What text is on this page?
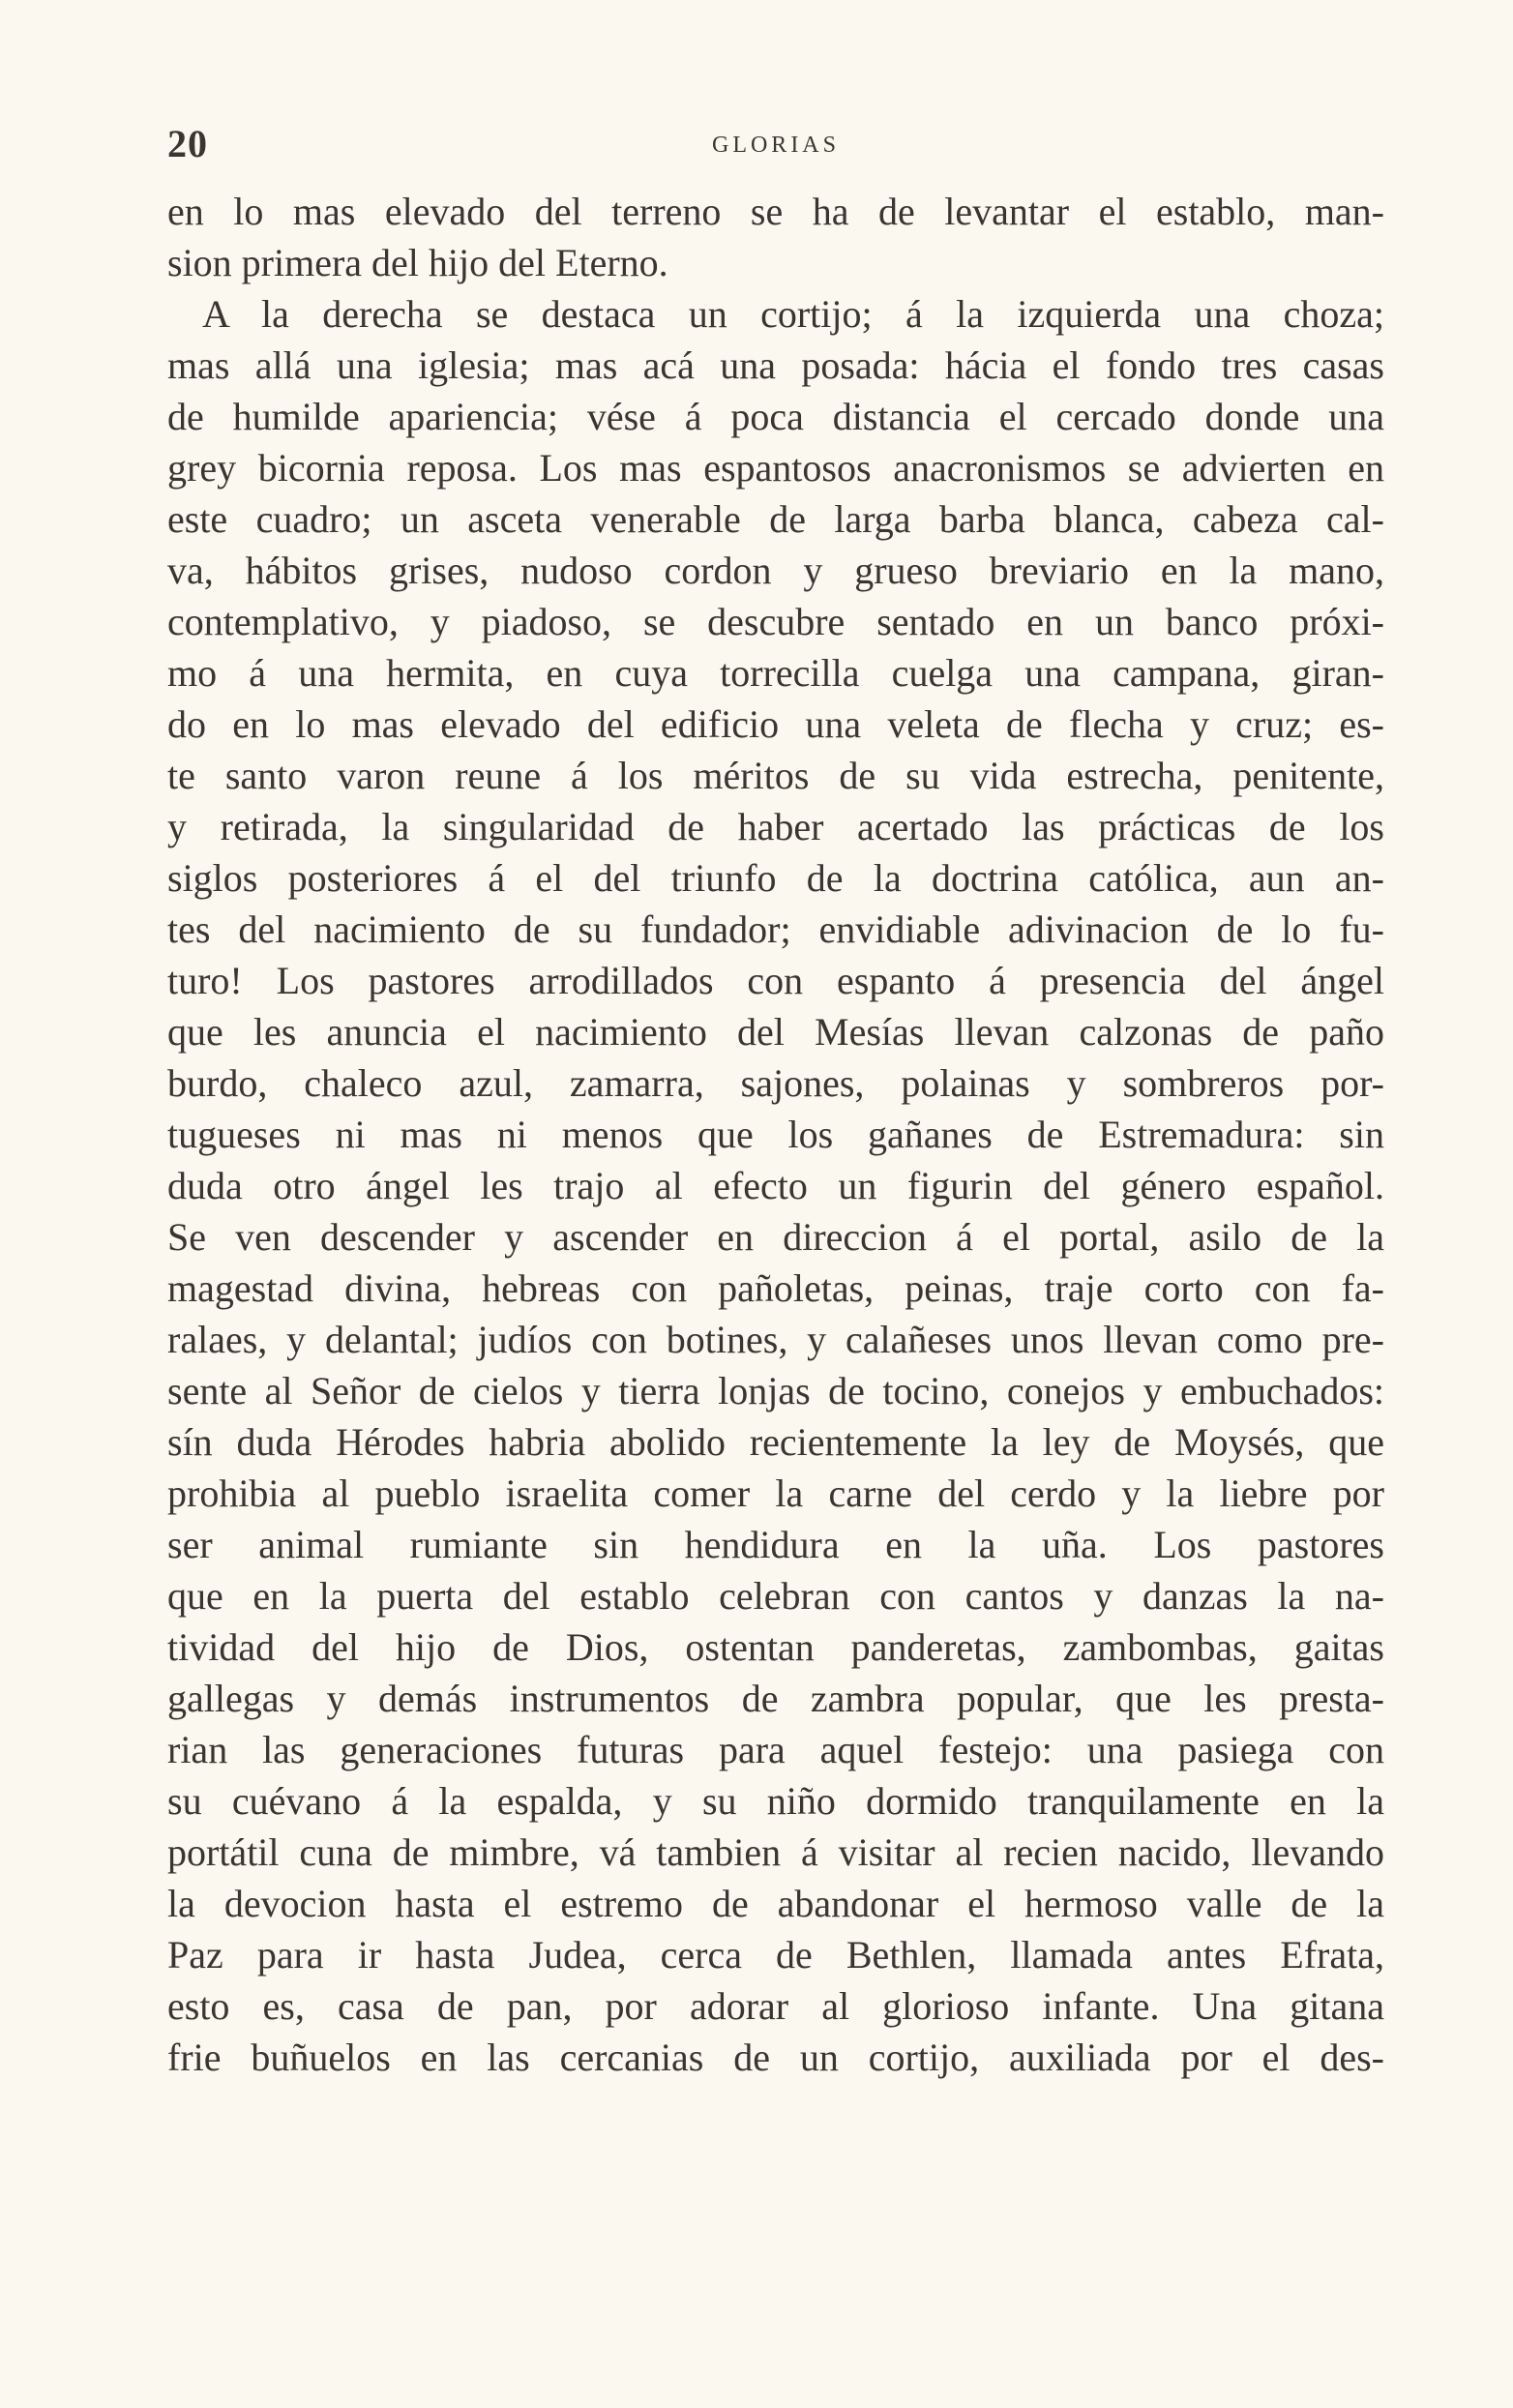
20	GLORIAS
en lo mas elevado del terreno se ha de levantar el establo, man-
sion primera del hijo del Eterno.
A la derecha se destaca un cortijo; á la izquierda una choza;
mas allá una iglesia; mas acá una posada: hácia el fondo tres casas
de humilde apariencia; vése á poca distancia el cercado donde una
grey bicornia reposa. Los mas espantosos anacronismos se advierten en
este cuadro; un asceta venerable de larga barba blanca, cabeza cal-
va, hábitos grises, nudoso cordon y grueso breviario en la mano,
contemplativo, y piadoso, se descubre sentado en un banco próxi-
mo á una hermita, en cuya torrecilla cuelga una campana, giran-
do en lo mas elevado del edificio una veleta de flecha y cruz; es-
te santo varon reune á los méritos de su vida estrecha, penitente,
y retirada, la singularidad de haber acertado las prácticas de los
siglos posteriores á el del triunfo de la doctrina católica, aun an-
tes del nacimiento de su fundador; envidiable adivinacion de lo fu-
turo! Los pastores arrodillados con espanto á presencia del ángel
que les anuncia el nacimiento del Mesías llevan calzonas de paño
burdo, chaleco azul, zamarra, sajones, polainas y sombreros por-
tugueses ni mas ni menos que los gañanes de Estremadura: sin
duda otro ángel les trajo al efecto un figurin del género español.
Se ven descender y ascender en direccion á el portal, asilo de la
magestad divina, hebreas con pañoletas, peinas, traje corto con fa-
ralaes, y delantal; judíos con botines, y calañeses unos llevan como pre-
sente al Señor de cielos y tierra lonjas de tocino, conejos y embuchados:
sín duda Hérodes habria abolido recientemente la ley de Moysés, que
prohibia al pueblo israelita comer la carne del cerdo y la liebre por
ser animal rumiante sin hendidura en la uña. Los pastores
que en la puerta del establo celebran con cantos y danzas la na-
tividad del hijo de Dios, ostentan panderetas, zambombas, gaitas
gallegas y demás instrumentos de zambra popular, que les presta-
rian las generaciones futuras para aquel festejo: una pasiega con
su cuévano á la espalda, y su niño dormido tranquilamente en la
portátil cuna de mimbre, vá tambien á visitar al recien nacido, llevando
la devocion hasta el estremo de abandonar el hermoso valle de la
Paz para ir hasta Judea, cerca de Bethlen, llamada antes Efrata,
esto es, casa de pan, por adorar al glorioso infante. Una gitana
frie buñuelos en las cercanias de un cortijo, auxiliada por el des-
